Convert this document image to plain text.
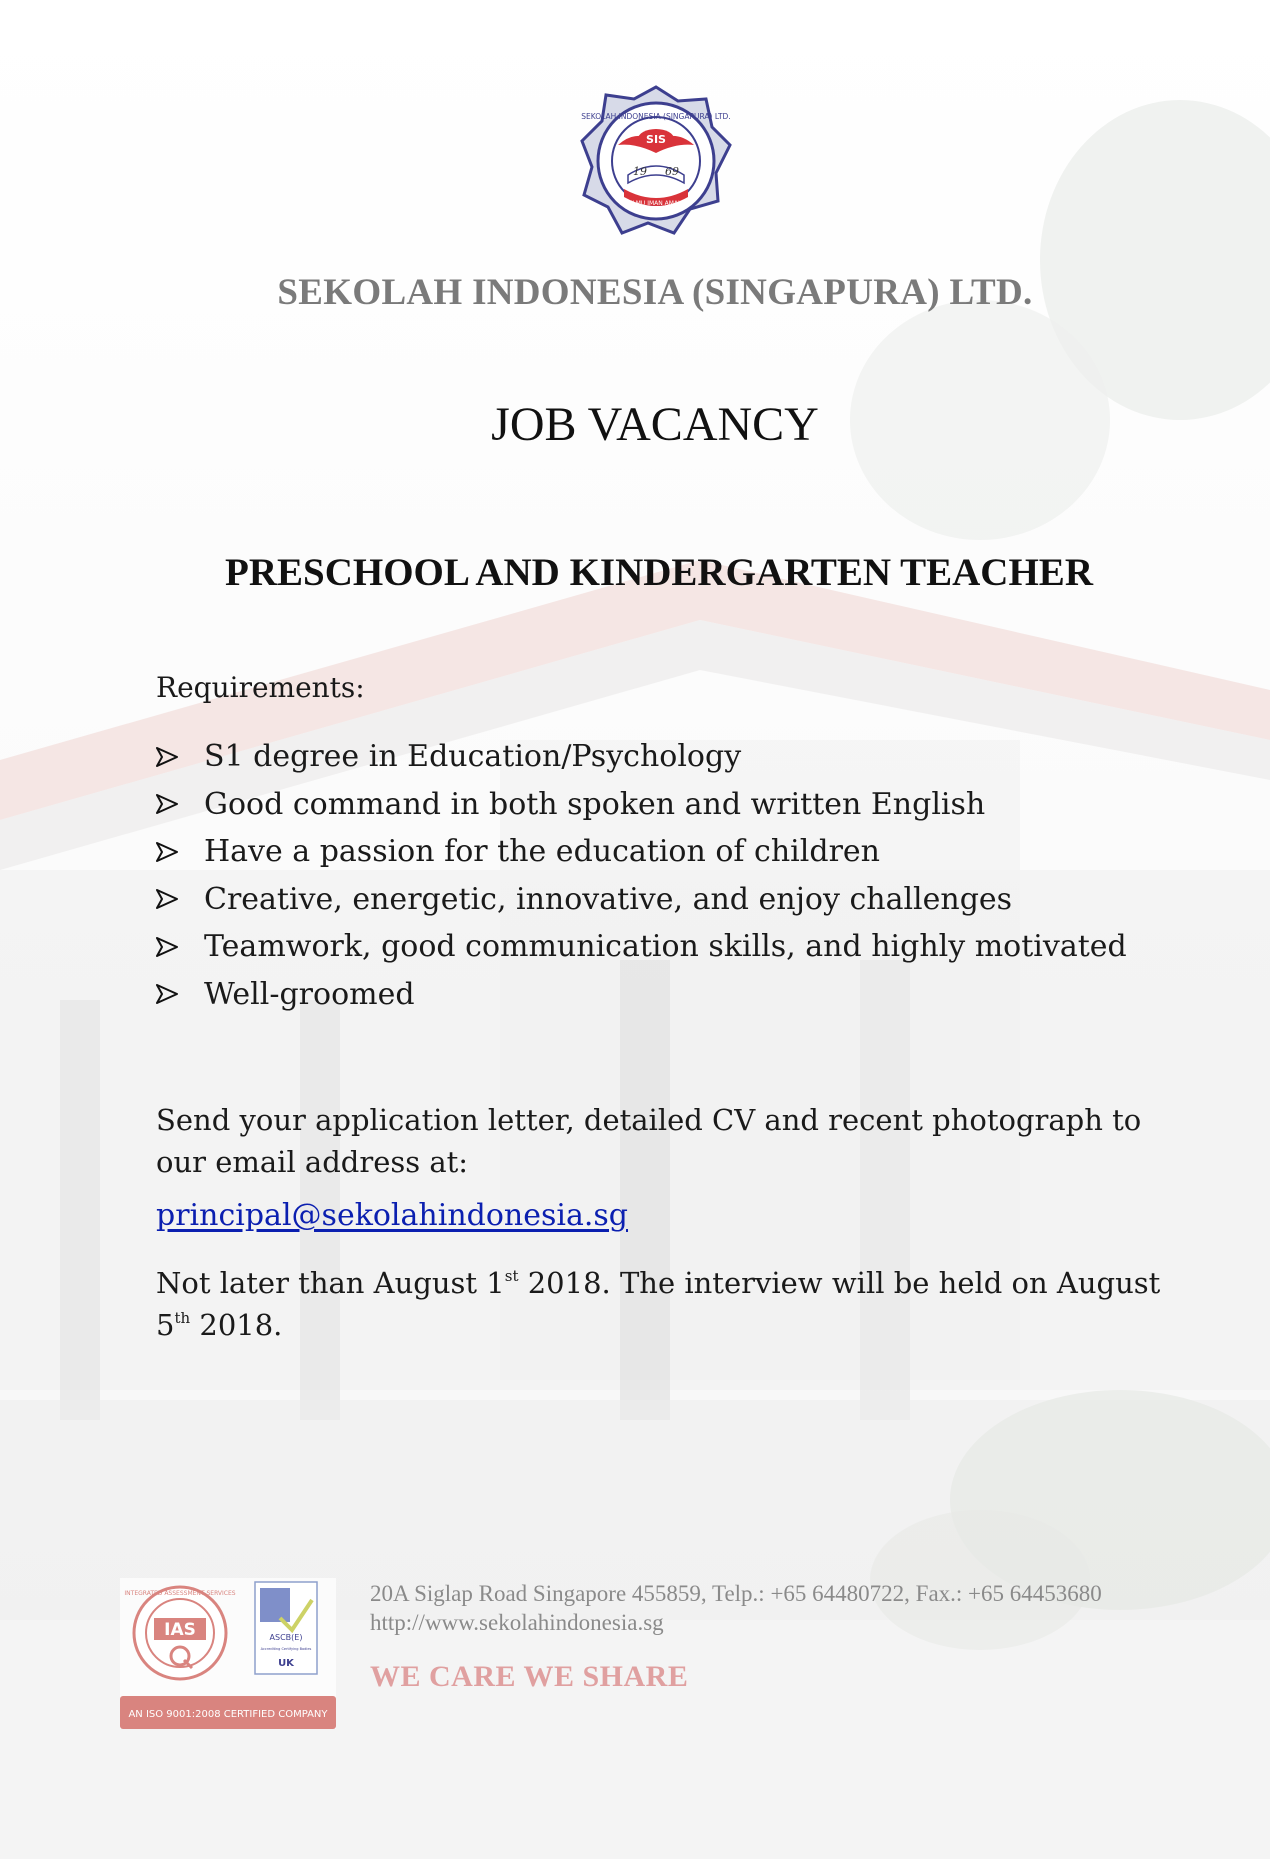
SEKOLAH INDONESIA (SINGAPURA) LTD.
SIS
19 69
ILMU IMAN AMAL
SEKOLAH INDONESIA (SINGAPURA) LTD.
JOB VACANCY
PRESCHOOL AND KINDERGARTEN TEACHER
Requirements:
S1 degree in Education/Psychology
Good command in both spoken and written English
Have a passion for the education of children
Creative, energetic, innovative, and enjoy challenges
Teamwork, good communication skills, and highly motivated
Well-groomed
Send your application letter, detailed CV and recent photograph to our email address at:
principal@sekolahindonesia.sg
Not later than August 1st 2018. The interview will be held on August 5th 2018.
INTEGRATED ASSESSMENT SERVICES
IAS	ASCB(E)
Accrediting Certifying Bodies
UK
AN ISO 9001:2008 CERTIFIED COMPANY
20A Siglap Road Singapore 455859, Telp.: +65 64480722, Fax.: +65 64453680
http://www.sekolahindonesia.sg
WE CARE WE SHARE
